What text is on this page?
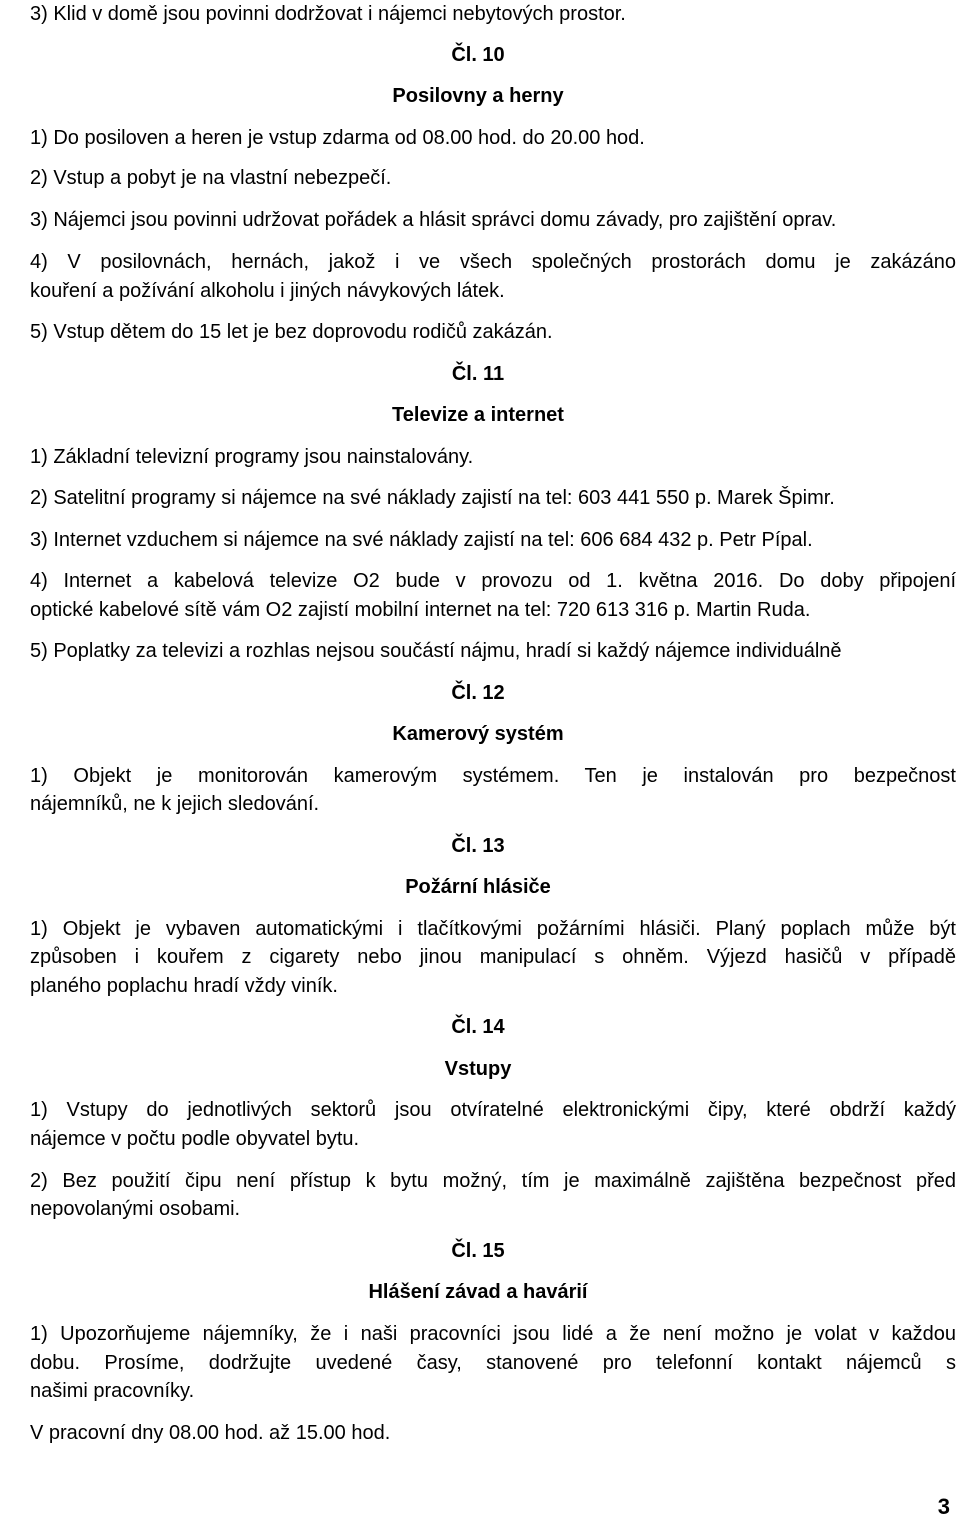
3) Klid v domě jsou povinni dodržovat i nájemci nebytových prostor.

Čl. 10

Posilovny a herny

1) Do posiloven a heren je vstup zdarma od 08.00 hod. do 20.00 hod.

2) Vstup a pobyt je na vlastní nebezpečí.

3) Nájemci jsou povinni udržovat pořádek a hlásit správci domu závady, pro zajištění oprav.

4) V posilovnách, hernách, jakož i ve všech společných prostorách domu je zakázáno

kouření a požívání alkoholu i jiných návykových látek.

5) Vstup dětem do 15 let je bez doprovodu rodičů zakázán.

Čl. 11

Televize a internet

1) Základní televizní programy jsou nainstalovány.

2) Satelitní programy si nájemce na své náklady zajistí na tel: 603 441 550 p. Marek Špimr.

3) Internet vzduchem si nájemce na své náklady zajistí na tel: 606 684 432 p. Petr Pípal.

4) Internet a kabelová televize O2 bude v provozu od 1. května 2016. Do doby připojení

optické kabelové sítě vám O2 zajistí mobilní internet na tel: 720 613 316 p. Martin Ruda.

5) Poplatky za televizi a rozhlas nejsou součástí nájmu, hradí si každý nájemce individuálně

Čl. 12

Kamerový systém

1) Objekt je monitorován kamerovým systémem. Ten je instalován pro bezpečnost

nájemníků, ne k jejich sledování.

Čl. 13

Požární hlásiče

1) Objekt je vybaven automatickými i tlačítkovými požárními hlásiči. Planý poplach může být

způsoben i kouřem z cigarety nebo jinou manipulací s ohněm. Výjezd hasičů v případě

planého poplachu hradí vždy viník.

Čl. 14

Vstupy

1) Vstupy do jednotlivých sektorů jsou otvíratelné elektronickými čipy, které obdrží každý

nájemce v počtu podle obyvatel bytu.

2) Bez použití čipu není přístup k bytu možný, tím je maximálně zajištěna bezpečnost před

nepovolanými osobami.

Čl. 15

Hlášení závad a havárií

1) Upozorňujeme nájemníky, že i naši pracovníci jsou lidé a že není možno je volat v každou

dobu. Prosíme, dodržujte uvedené časy, stanovené pro telefonní kontakt nájemců s

našimi pracovníky.

V pracovní dny 08.00 hod. až 15.00 hod.

3
